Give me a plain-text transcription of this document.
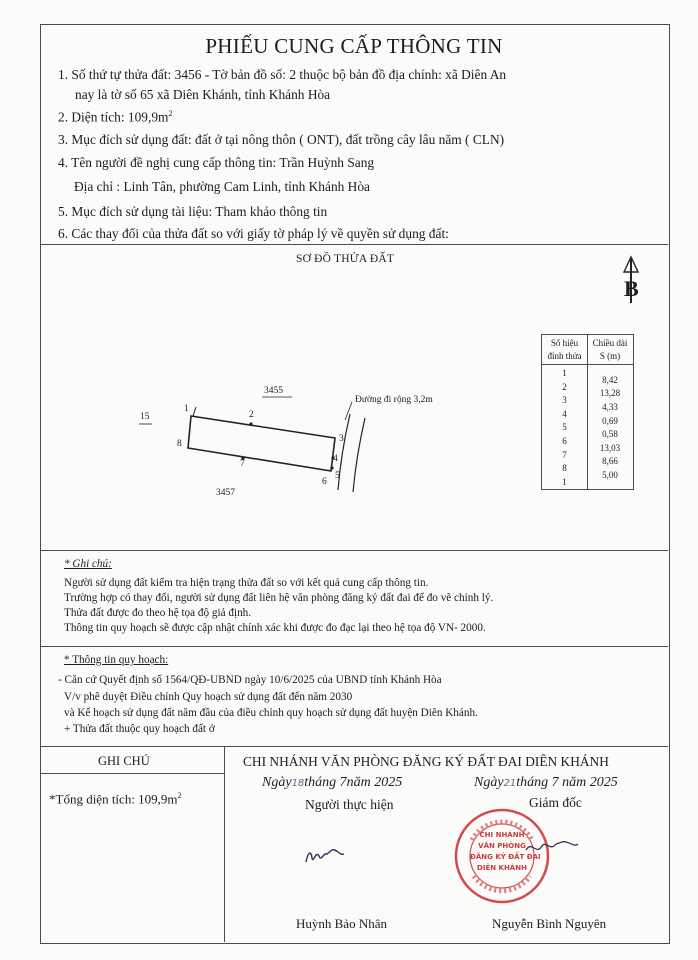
PHIẾU CUNG CẤP THÔNG TIN
1. Số thứ tự thửa đất: 3456 - Tờ bản đồ số: 2 thuộc bộ bản đồ địa chính: xã Diên An
nay là tờ số 65 xã Diên Khánh, tỉnh Khánh Hòa
2. Diện tích: $109,9m^2$
3. Mục đích sử dụng đất: đất ở tại nông thôn ( ONT), đất trồng cây lâu năm ( CLN)
4. Tên người đề nghị cung cấp thông tin: Trần Huỳnh Sang
Địa chỉ : Linh Tân, phường Cam Linh, tỉnh Khánh Hòa
5. Mục đích sử dụng tài liệu: Tham khảo thông tin
6. Các thay đổi của thửa đất so với giấy tờ pháp lý về quyền sử dụng đất:
SƠ ĐỒ THỬA ĐẤT
B
3455
3457
15
Đường đi rộng 3,2m
1
2
3
4
5
6
7
8
Số hiệu
đỉnh thửa
Chiều dài
S (m)
1
2
3
4
5
6
7
8
1
8,42
13,28
4,33
0,69
0,58
13,03
8,66
5,00
* Ghi chú:
Người sử dụng đất kiểm tra hiện trạng thửa đất so với kết quả cung cấp thông tin.
Trường hợp có thay đổi, người sử dụng đất liên hệ văn phòng đăng ký đất đai để đo vẽ chỉnh lý.
Thửa đất được đo theo hệ tọa độ giả định.
Thông tin quy hoạch sẽ được cập nhật chính xác khi được đo đạc lại theo hệ tọa độ VN- 2000.
* Thông tin quy hoạch:
- Căn cứ Quyết định số 1564/QĐ-UBND ngày 10/6/2025 của UBND tỉnh Khánh Hòa
V/v phê duyệt Điều chỉnh Quy hoạch sử dụng đất đến năm 2030
và Kế hoạch sử dụng đất năm đầu của điều chỉnh quy hoạch sử dụng đất huyện Diên Khánh.
+ Thửa đất thuộc quy hoạch đất ở
GHI CHÚ
*Tổng diện tích: $109,9m^2$
CHI NHÁNH VĂN PHÒNG ĐĂNG KÝ ĐẤT ĐAI DIÊN KHÁNH
Ngày18tháng 7năm 2025
Người thực hiện
Ngày21tháng 7 năm 2025
Giám đốc
CHI NHÁNH
VĂN PHÒNG
ĐĂNG KÝ ĐẤT ĐAI
DIÊN KHÁNH
Huỳnh Bảo Nhân	Nguyễn Bình Nguyên
